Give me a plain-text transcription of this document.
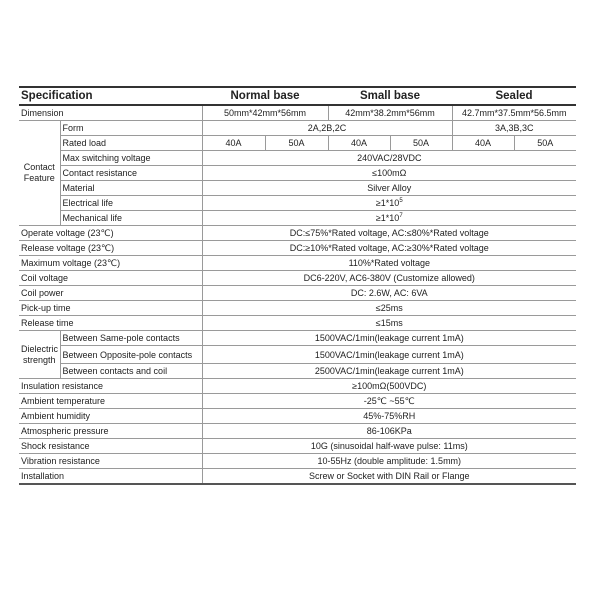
Specification		Normal base		Small base		Sealed	
Dimension		50mm*42mm*56mm		42mm*38.2mm*56mm		42.7mm*37.5mm*56.5mm	
Contact Feature	Form	2A,2B,2C				3A,3B,3C	
	Rated load	40A	50A	40A	50A	40A	50A
	Max switching voltage	240VAC/28VDC					
	Contact resistance	≤100mΩ					
	Material	Silver Alloy					
	Electrical life	$\ge 1*10^5$
	Mechanical life	$\ge 1*10^7$
Operate voltage (23℃)		DC:≤75%*Rated voltage, AC:≤80%*Rated voltage					
Release voltage (23℃)		DC:≥10%*Rated voltage, AC:≥30%*Rated voltage					
Maximum voltage (23℃)		110%*Rated voltage					
Coil voltage		DC6-220V, AC6-380V (Customize allowed)					
Coil power		DC: 2.6W, AC: 6VA					
Pick-up time		≤25ms					
Release time		≤15ms					
Dielectric strength	Between Same-pole contacts	1500VAC/1min(leakage current 1mA)					
	Between Opposite-pole contacts	1500VAC/1min(leakage current 1mA)					
	Between contacts and coil	2500VAC/1min(leakage current 1mA)					
Insulation resistance		≥100mΩ(500VDC)					
Ambient temperature		-25℃ ~55℃					
Ambient humidity		45%-75%RH					
Atmospheric pressure		86-106KPa					
Shock resistance		10G (sinusoidal half-wave pulse: 11ms)					
Vibration resistance		10-55Hz (double amplitude: 1.5mm)					
Installation		Screw or Socket with DIN Rail or Flange					
